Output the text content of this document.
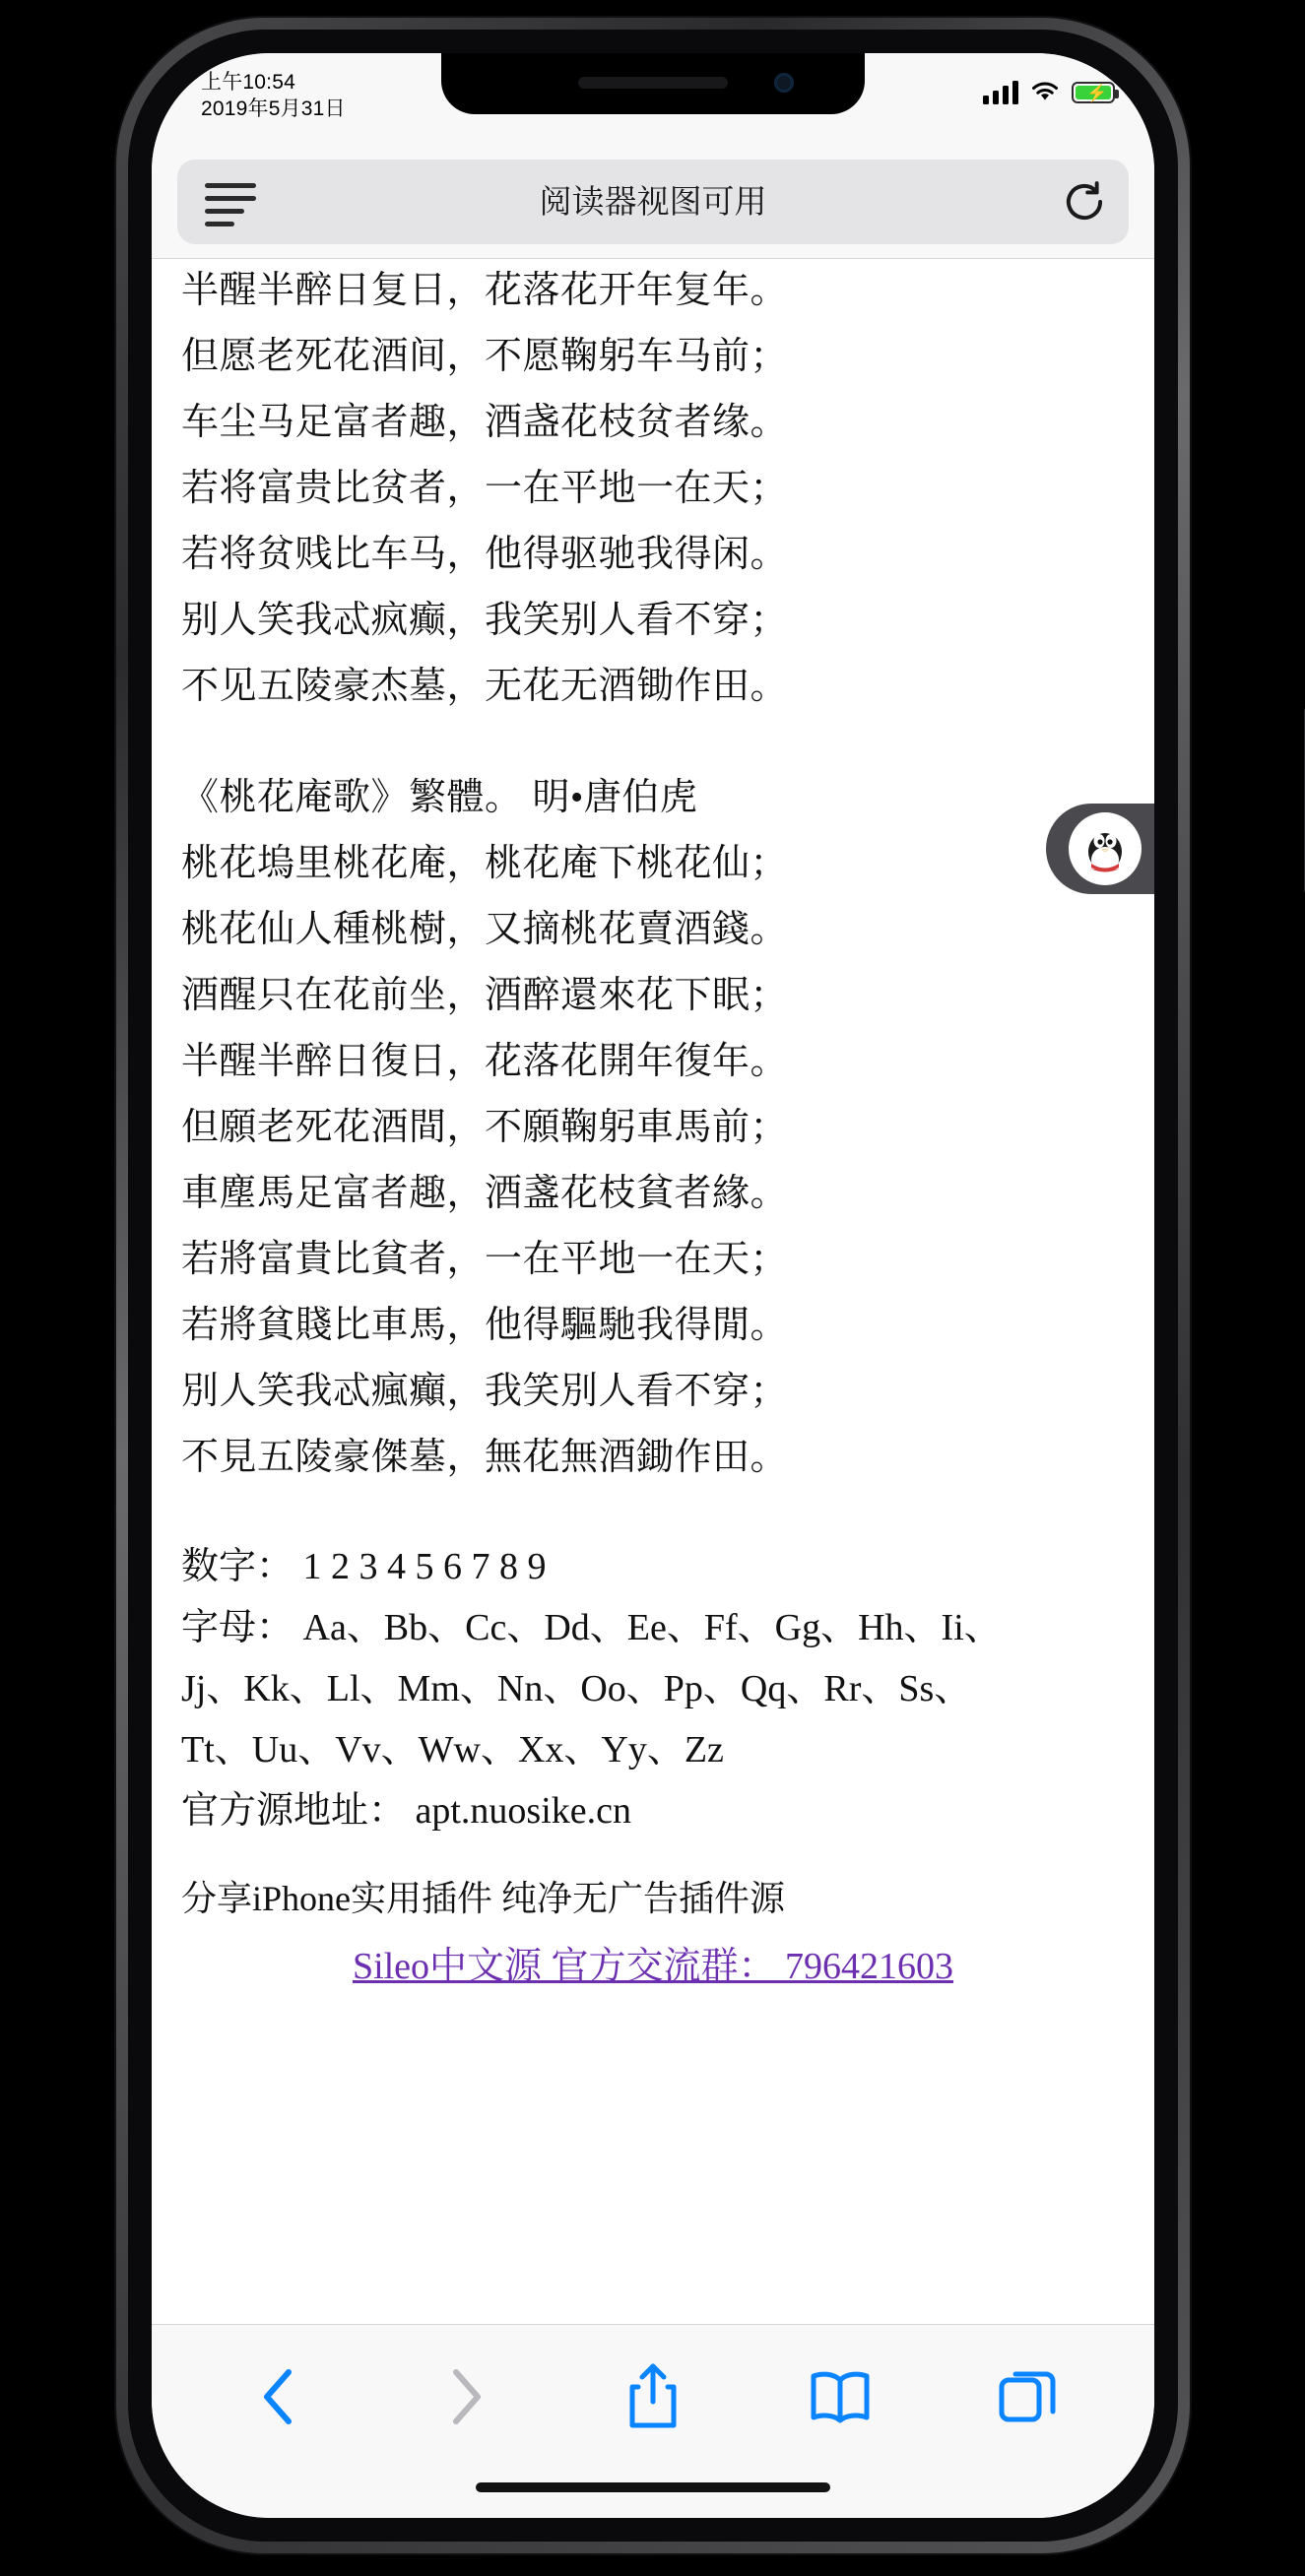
上午10:54
2019年5月31日
⚡
阅读器视图可用
半醒半醉日复日，花落花开年复年。
但愿老死花酒间，不愿鞠躬车马前；
车尘马足富者趣，酒盏花枝贫者缘。
若将富贵比贫者，一在平地一在天；
若将贫贱比车马，他得驱驰我得闲。
别人笑我忒疯癫，我笑别人看不穿；
不见五陵豪杰墓，无花无酒锄作田。
《桃花庵歌》繁體。 明•唐伯虎
桃花塢里桃花庵，桃花庵下桃花仙；
桃花仙人種桃樹，又摘桃花賣酒錢。
酒醒只在花前坐，酒醉還來花下眠；
半醒半醉日復日，花落花開年復年。
但願老死花酒間，不願鞠躬車馬前；
車塵馬足富者趣，酒盞花枝貧者緣。
若將富貴比貧者，一在平地一在天；
若將貧賤比車馬，他得驅馳我得閒。
別人笑我忒瘋癲，我笑別人看不穿；
不見五陵豪傑墓，無花無酒鋤作田。
数字： 1 2 3 4 5 6 7 8 9
字母： Aa、Bb、Cc、Dd、Ee、Ff、Gg、Hh、Ii、
Jj、Kk、Ll、Mm、Nn、Oo、Pp、Qq、Rr、Ss、
Tt、Uu、Vv、Ww、Xx、Yy、Zz
官方源地址： apt.nuosike.cn
分享iPhone实用插件 纯净无广告插件源
Sileo中文源 官方交流群： 796421603
